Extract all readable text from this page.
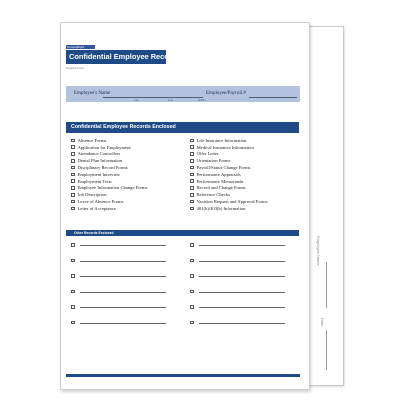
Employee Name
Date
ComplyRight
Confidential Employee Record™
Product Form
Employee's Name	Employee/Payroll #
Last	First	Middle
Confidential Employee Records Enclosed
Absence Forms
Application for Employment
Attendance Controllers
Dental Plan Information
Disciplinary Record Forms
Employment Interview
Employment Tests
Employee Information Change Forms
Job Description
Leave of Absence Forms
Letter of Acceptance
Life Insurance Information
Medical Insurance Information
Offer Letter
Orientation Forms
Payroll/Status Change Forms
Performance Appraisals
Performance Memoranda
Record and Change Forms
Reference Checks
Vacation Request and Approval Forms
401(k)/403(b) Information
Other Records Enclosed
